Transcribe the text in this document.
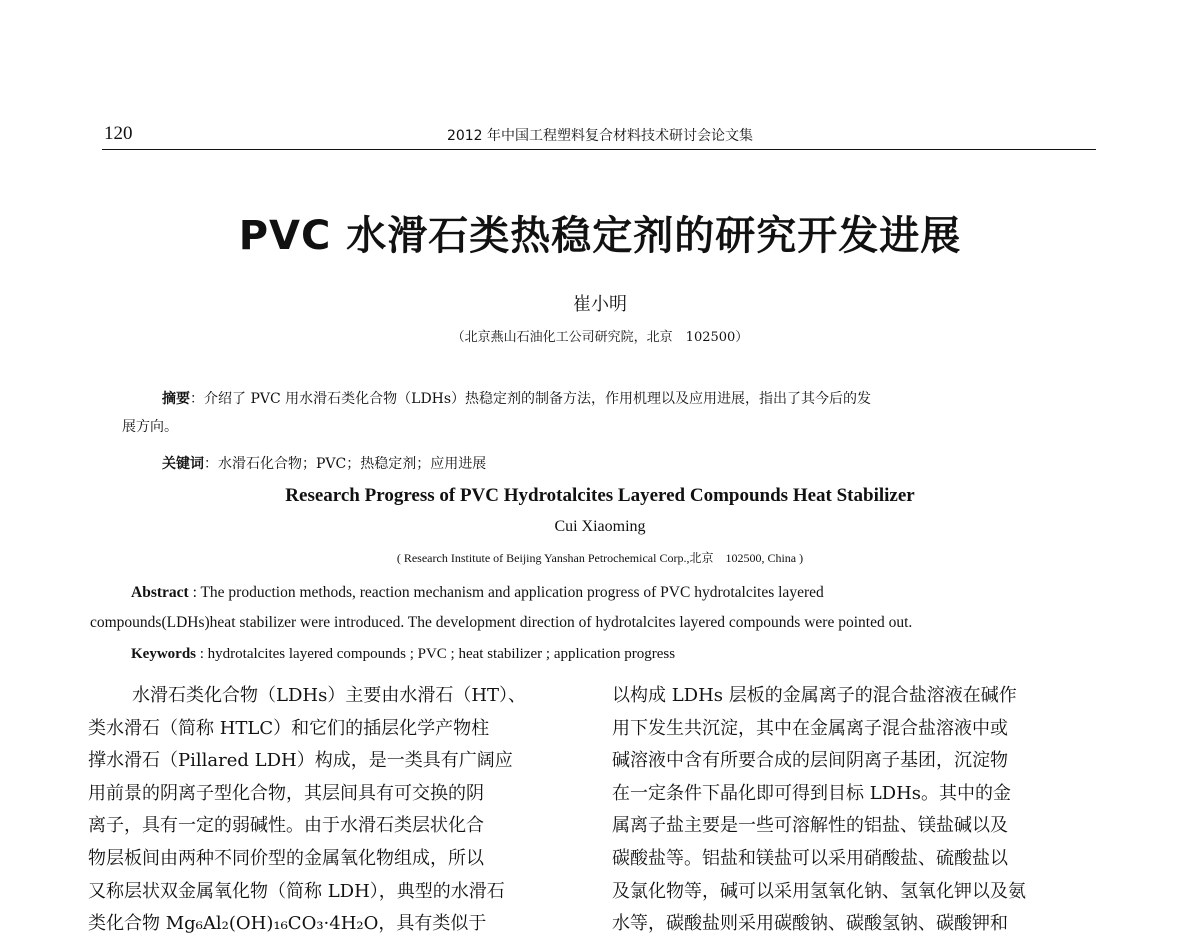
120	2012 年中国工程塑料复合材料技术研讨会论文集
PVC 水滑石类热稳定剂的研究开发进展
崔小明
（北京燕山石油化工公司研究院，北京　102500）
摘要：介绍了 PVC 用水滑石类化合物（LDHs）热稳定剂的制备方法，作用机理以及应用进展，指出了其今后的发
展方向。
关键词：水滑石化合物；PVC；热稳定剂；应用进展
Research Progress of PVC Hydrotalcites Layered Compounds Heat Stabilizer
Cui Xiaoming
( Research Institute of Beijing Yanshan Petrochemical Corp.,北京　102500, China )
Abstract : The production methods, reaction mechanism and application progress of PVC hydrotalcites layered
compounds(LDHs)heat stabilizer were introduced. The development direction of hydrotalcites layered compounds were pointed out.
Keywords : hydrotalcites layered compounds ; PVC ; heat stabilizer ; application progress
水滑石类化合物（LDHs）主要由水滑石（HT）、
类水滑石（简称 HTLC）和它们的插层化学产物柱
撑水滑石（Pillared LDH）构成，是一类具有广阔应
用前景的阴离子型化合物，其层间具有可交换的阴
离子，具有一定的弱碱性。由于水滑石类层状化合
物层板间由两种不同价型的金属氧化物组成，所以
又称层状双金属氧化物（简称 LDH），典型的水滑石
类化合物 Mg₆Al₂(OH)₁₆CO₃·4H₂O，具有类似于
以构成 LDHs 层板的金属离子的混合盐溶液在碱作
用下发生共沉淀，其中在金属离子混合盐溶液中或
碱溶液中含有所要合成的层间阴离子基团，沉淀物
在一定条件下晶化即可得到目标 LDHs。其中的金
属离子盐主要是一些可溶解性的铝盐、镁盐碱以及
碳酸盐等。铝盐和镁盐可以采用硝酸盐、硫酸盐以
及氯化物等，碱可以采用氢氧化钠、氢氧化钾以及氨
水等，碳酸盐则采用碳酸钠、碳酸氢钠、碳酸钾和
